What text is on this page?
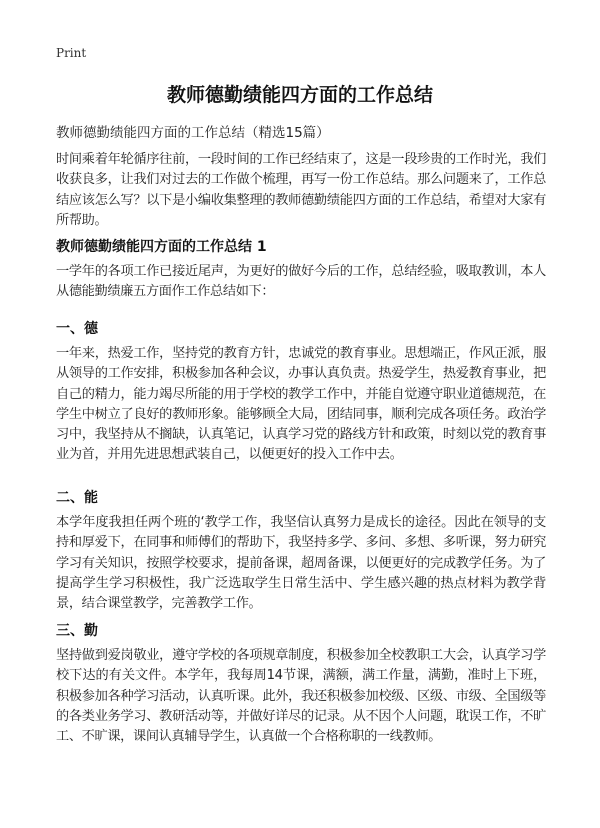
Print
教师德勤绩能四方面的工作总结

教师德勤绩能四方面的工作总结（精选15篇）

时间乘着年轮循序往前，一段时间的工作已经结束了，这是一段珍贵的工作时光，我们收获良多，让我们对过去的工作做个梳理，再写一份工作总结。那么问题来了，工作总结应该怎么写？以下是小编收集整理的教师德勤绩能四方面的工作总结，希望对大家有所帮助。

教师德勤绩能四方面的工作总结 1

一学年的各项工作已接近尾声，为更好的做好今后的工作，总结经验，吸取教训，本人从德能勤绩廉五方面作工作总结如下：

一、德

一年来，热爱工作，坚持党的教育方针，忠诚党的教育事业。思想端正，作风正派，服从领导的工作安排，积极参加各种会议，办事认真负责。热爱学生，热爱教育事业，把自己的精力，能力竭尽所能的用于学校的教学工作中，并能自觉遵守职业道德规范，在学生中树立了良好的教师形象。能够顾全大局，团结同事，顺利完成各项任务。政治学习中，我坚持从不搁缺，认真笔记，认真学习党的路线方针和政策，时刻以党的教育事业为首，并用先进思想武装自己，以便更好的投入工作中去。

二、能

本学年度我担任两个班的‘教学工作，我坚信认真努力是成长的途径。因此在领导的支持和厚爱下，在同事和师傅们的帮助下，我坚持多学、多问、多想、多听课，努力研究学习有关知识，按照学校要求，提前备课，超周备课，以便更好的完成教学任务。为了提高学生学习积极性，我广泛选取学生日常生活中、学生感兴趣的热点材料为教学背景，结合课堂教学，完善教学工作。

三、勤

坚持做到爱岗敬业，遵守学校的各项规章制度，积极参加全校教职工大会，认真学习学校下达的有关文件。本学年，我每周14节课，满额，满工作量，满勤，准时上下班，积极参加各种学习活动，认真听课。此外，我还积极参加校级、区级、市级、全国级等的各类业务学习、教研活动等，并做好详尽的记录。从不因个人问题，耽误工作，不旷工、不旷课，课间认真辅导学生，认真做一个合格称职的一线教师。
